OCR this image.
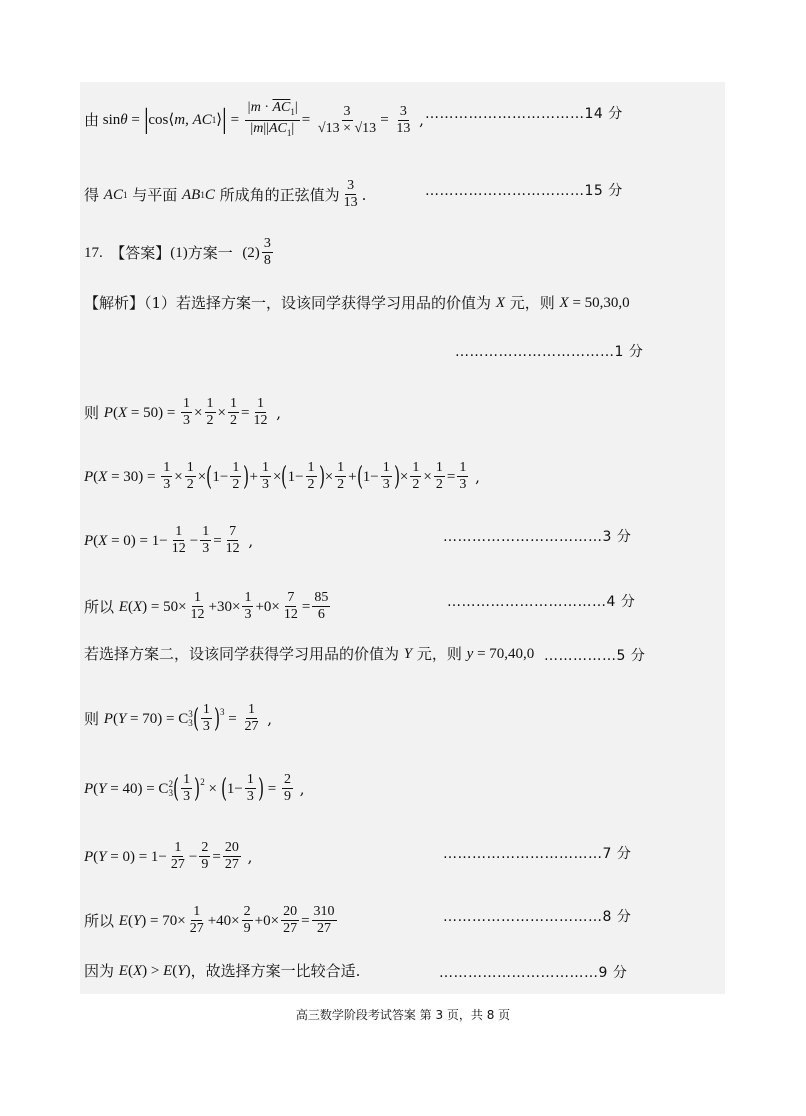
由 sin θ = | cos⟨ m , AC 1 ⟩ | = $\frac{|m \cdot \overline{AC}_1|}{|\overline{m}||AC_1|} = \frac{3}{√13 \times √13} = \frac{3}{13}$ , ……………………………14 分
得 AC 1 与平面 AB 1 C 所成角的正弦值为 $\frac{3}{13}$ .	……………………………15 分
17. 【答案】 (1) 方案一 $(2) \frac{3}{8}$
【解析】（1）若选择方案一，设该同学获得学习用品的价值为 X 元，则 X = 50,30,0
……………………………1 分
则 P ( $X = 50) = \frac{1}{3} \times \frac{1}{2} \times \frac{1}{2} = \frac{1}{12}$ ,
P ( $X = 30) = \frac{1}{3} \times \frac{1}{2}$ × ( $1- \frac{1}{2}$ ) + $\frac{1}{3}$ × ( $1- \frac{1}{2}$ ) × $\frac{1}{2}$ + ( $1- \frac{1}{3}$ ) × $\frac{1}{2} \times \frac{1}{2} = \frac{1}{3}$ ,
P ( $X = 0) = 1- \frac{1}{12} - \frac{1}{3} = \frac{7}{12}$ ,	……………………………3 分
所以 E ( X ) = $50\times \frac{1}{12} +30\times \frac{1}{3} +0\times \frac{7}{12} = \frac{85}{6}$	……………………………4 分
若选择方案二，设该同学获得学习用品的价值为 Y 元，则 y = 70,40,0 ……………5 分
则 P ( Y = 70) = C 3
3 ( $\frac{1}{3} )^3 = \frac{1}{27}$ ,
P ( Y = 40) = C 2
3 ( $\frac{1}{3} )^2$ × ( $1- \frac{1}{3}$ ) = $\frac{2}{9}$ ,
P ( $Y = 0) = 1- \frac{1}{27} - \frac{2}{9} = \frac{20}{27}$ ,	……………………………7 分
所以 E ( Y ) = $70\times \frac{1}{27} +40\times \frac{2}{9} +0\times \frac{20}{27} = \frac{310}{27}$	……………………………8 分
因为 E ( X ) > E ( Y ) ，故选择方案一比较合适.	……………………………9 分
高三数学阶段考试答案 第 3 页，共 8 页
